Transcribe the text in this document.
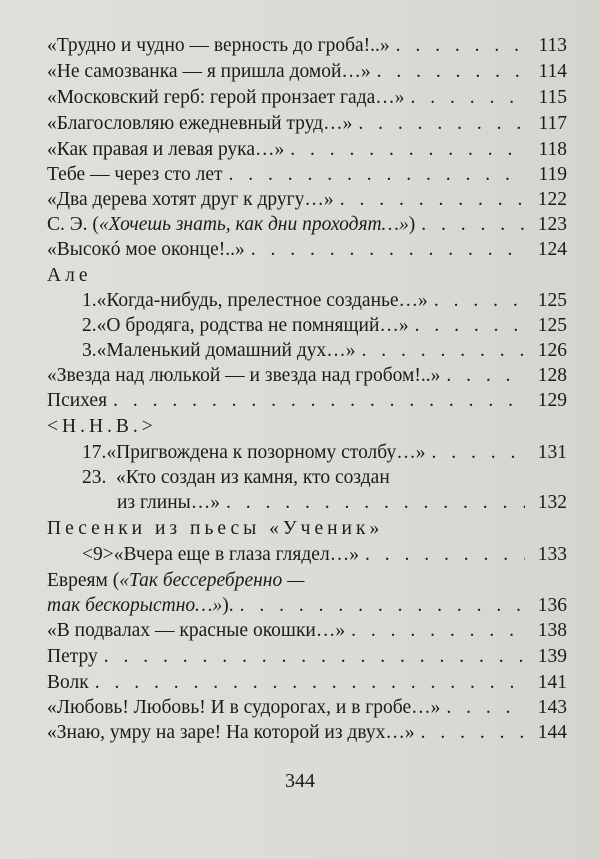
«Трудно и чудно — верность до гроба!..» . . .	113
«Не самозванка — я пришла домой…» . . .	114
«Московский герб: герой пронзает гада…» . . .	115
«Благословляю ежедневный труд…» . . .	117
«Как правая и левая рука…» . . .	118
Тебе — через сто лет . . .	119
«Два дерева хотят друг к другу…» . . .	122
С. Э. («Хочешь знать, как дни проходят…») . . .	123
«Высокó мое оконце!..» . . .	124
Але
1. «Когда-нибудь, прелестное созданье…» . . .	125
2. «О бродяга, родства не помнящий…» . . .	125
3. «Маленький домашний дух…» . . .	126
«Звезда над люлькой — и звезда над гробом!..» . . .	128
Психея . . .	129
<Н.Н.В.>
17. «Пригвождена к позорному столбу…» . . .	131
23. «Кто создан из камня, кто создан
из глины…» . . .	132
Песенки из пьесы «Ученик»
<9> «Вчера еще в глаза глядел…» . . .	133
Евреям («Так бессеребренно —
так бескорыстно…»). . . .	136
«В подвалах — красные окошки…» . . .	138
Петру . . .	139
Волк . . .	141
«Любовь! Любовь! И в судорогах, и в гробе…» . . .	143
«Знаю, умру на заре! На которой из двух…» . . .	144
344
